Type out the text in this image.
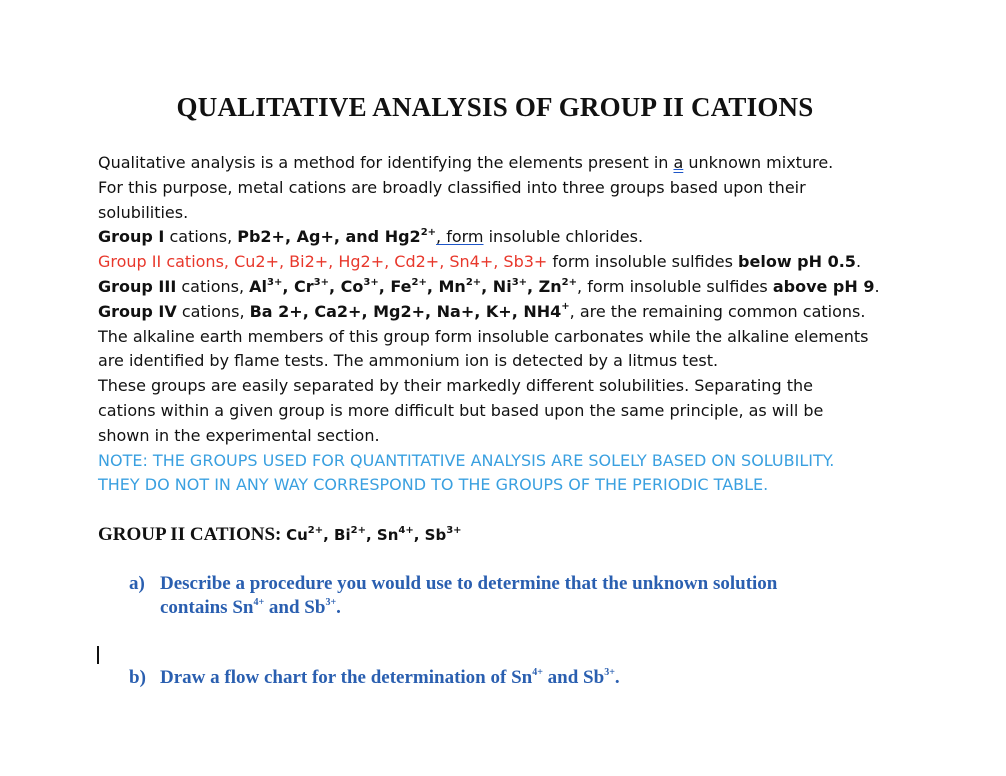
QUALITATIVE ANALYSIS OF GROUP II CATIONS
Qualitative analysis is a method for identifying the elements present in a unknown mixture.
For this purpose, metal cations are broadly classified into three groups based upon their
solubilities.
Group I cations, Pb2+, Ag+, and $Hg2^{2+}$, form insoluble chlorides.
Group II cations, Cu2+, Bi2+, Hg2+, Cd2+, Sn4+, Sb3+ form insoluble sulfides below pH 0.5.
Group III cations, $Al^{3+}$, $Cr^{3+}$, $Co^{3+}$, $Fe^{2+}$, $Mn^{2+}$, $Ni^{3+}$, $Zn^{2+}$, form insoluble sulfides above pH 9.
Group IV cations, Ba 2+, Ca2+, Mg2+, Na+, K+, NH4+, are the remaining common cations.
The alkaline earth members of this group form insoluble carbonates while the alkaline elements
are identified by flame tests. The ammonium ion is detected by a litmus test.
These groups are easily separated by their markedly different solubilities. Separating the
cations within a given group is more difficult but based upon the same principle, as will be
shown in the experimental section.
NOTE: THE GROUPS USED FOR QUANTITATIVE ANALYSIS ARE SOLELY BASED ON SOLUBILITY.
THEY DO NOT IN ANY WAY CORRESPOND TO THE GROUPS OF THE PERIODIC TABLE.
GROUP II CATIONS: $Cu^{2+}$, $Bi^{2+}$, $Sn^{4+}$, $Sb^{3+}$
a) Describe a procedure you would use to determine that the unknown solution
contains $Sn^{4+}$ and $Sb^{3+}$.
b) Draw a flow chart for the determination of $Sn^{4+}$ and $Sb^{3+}$.
